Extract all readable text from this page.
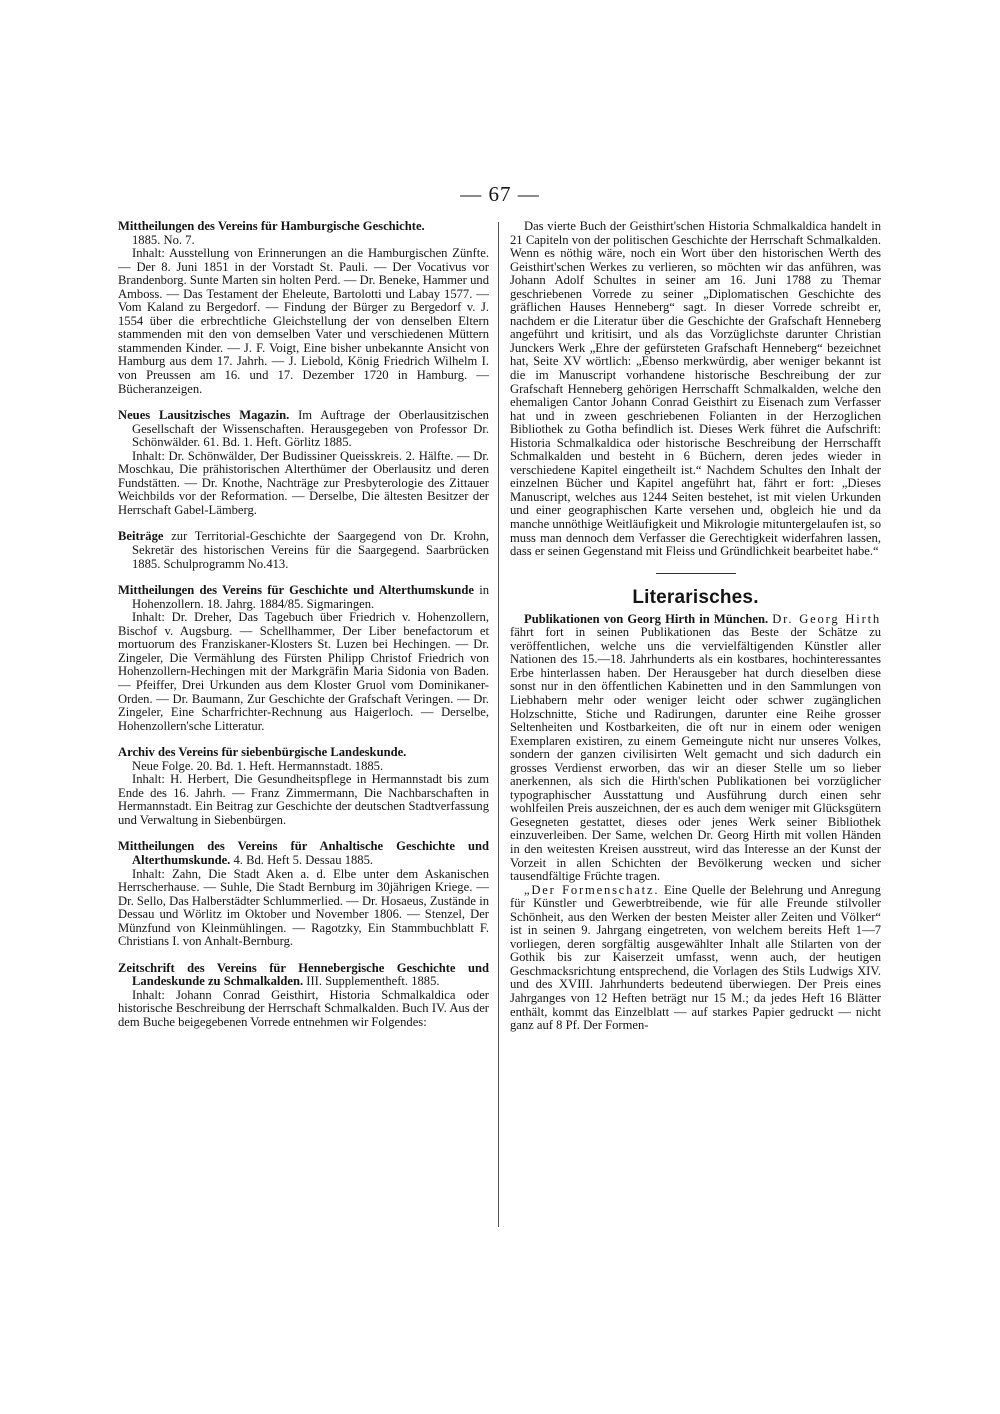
— 67 —

Mittheilungen des Vereins für Hamburgische Geschichte.

1885. No. 7.

Inhalt: Ausstellung von Erinnerungen an die Hamburgischen Zünfte. — Der 8. Juni 1851 in der Vorstadt St. Pauli. — Der Vocativus vor Brandenborg. Sunte Marten sin holten Perd. — Dr. Beneke, Hammer und Amboss. — Das Testament der Eheleute, Bartolotti und Labay 1577. — Vom Kaland zu Bergedorf. — Findung der Bürger zu Bergedorf v. J. 1554 über die erbrechtliche Gleichstellung der von denselben Eltern stammenden mit den von demselben Vater und verschiedenen Müttern stammenden Kinder. — J. F. Voigt, Eine bisher unbekannte Ansicht von Hamburg aus dem 17. Jahrh. — J. Liebold, König Friedrich Wilhelm I. von Preussen am 16. und 17. Dezember 1720 in Hamburg. — Bücheranzeigen.

Neues Lausitzisches Magazin. Im Auftrage der Oberlausitzischen Gesellschaft der Wissenschaften. Herausgegeben von Professor Dr. Schönwälder. 61. Bd. 1. Heft. Görlitz 1885.

Inhalt: Dr. Schönwälder, Der Budissiner Queisskreis. 2. Hälfte. — Dr. Moschkau, Die prähistorischen Alterthümer der Oberlausitz und deren Fundstätten. — Dr. Knothe, Nachträge zur Presbyterologie des Zittauer Weichbilds vor der Reformation. — Derselbe, Die ältesten Besitzer der Herrschaft Gabel-Lämberg.

Beiträge zur Territorial-Geschichte der Saargegend von Dr. Krohn, Sekretär des historischen Vereins für die Saargegend. Saarbrücken 1885. Schulprogramm No.413.

Mittheilungen des Vereins für Geschichte und Alterthumskunde in Hohenzollern. 18. Jahrg. 1884/85. Sigmaringen.

Inhalt: Dr. Dreher, Das Tagebuch über Friedrich v. Hohenzollern, Bischof v. Augsburg. — Schellhammer, Der Liber benefactorum et mortuorum des Franziskaner-Klosters St. Luzen bei Hechingen. — Dr. Zingeler, Die Vermählung des Fürsten Philipp Christof Friedrich von Hohenzollern-Hechingen mit der Markgräfin Maria Sidonia von Baden. — Pfeiffer, Drei Urkunden aus dem Kloster Gruol vom Dominikaner-Orden. — Dr. Baumann, Zur Geschichte der Grafschaft Veringen. — Dr. Zingeler, Eine Scharfrichter-Rechnung aus Haigerloch. — Derselbe, Hohenzollern'sche Litteratur.

Archiv des Vereins für siebenbürgische Landeskunde.

Neue Folge. 20. Bd. 1. Heft. Hermannstadt. 1885.

Inhalt: H. Herbert, Die Gesundheitspflege in Hermannstadt bis zum Ende des 16. Jahrh. — Franz Zimmermann, Die Nachbarschaften in Hermannstadt. Ein Beitrag zur Geschichte der deutschen Stadtverfassung und Verwaltung in Siebenbürgen.

Mittheilungen des Vereins für Anhaltische Geschichte und Alterthumskunde. 4. Bd. Heft 5. Dessau 1885.

Inhalt: Zahn, Die Stadt Aken a. d. Elbe unter dem Askanischen Herrscherhause. — Suhle, Die Stadt Bernburg im 30jährigen Kriege. — Dr. Sello, Das Halberstädter Schlummerlied. — Dr. Hosaeus, Zustände in Dessau und Wörlitz im Oktober und November 1806. — Stenzel, Der Münzfund von Kleinmühlingen. — Ragotzky, Ein Stammbuchblatt F. Christians I. von Anhalt-Bernburg.

Zeitschrift des Vereins für Hennebergische Geschichte und Landeskunde zu Schmalkalden. III. Supplementheft. 1885.

Inhalt: Johann Conrad Geisthirt, Historia Schmalkaldica oder historische Beschreibung der Herrschaft Schmalkalden. Buch IV. Aus der dem Buche beigegebenen Vorrede entnehmen wir Folgendes:

Das vierte Buch der Geisthirt'schen Historia Schmalkaldica handelt in 21 Capiteln von der politischen Geschichte der Herrschaft Schmalkalden. Wenn es nöthig wäre, noch ein Wort über den historischen Werth des Geisthirt'schen Werkes zu verlieren, so möchten wir das anführen, was Johann Adolf Schultes in seiner am 16. Juni 1788 zu Themar geschriebenen Vorrede zu seiner „Diplomatischen Geschichte des gräflichen Hauses Henneberg“ sagt. In dieser Vorrede schreibt er, nachdem er die Literatur über die Geschichte der Grafschaft Henneberg angeführt und kritisirt, und als das Vorzüglichste darunter Christian Junckers Werk „Ehre der gefürsteten Grafschaft Henneberg“ bezeichnet hat, Seite XV wörtlich: „Ebenso merkwürdig, aber weniger bekannt ist die im Manuscript vorhandene historische Beschreibung der zur Grafschaft Henneberg gehörigen Herrschafft Schmalkalden, welche den ehemaligen Cantor Johann Conrad Geisthirt zu Eisenach zum Verfasser hat und in zween geschriebenen Folianten in der Herzoglichen Bibliothek zu Gotha befindlich ist. Dieses Werk führet die Aufschrift: Historia Schmalkaldica oder historische Beschreibung der Herrschafft Schmalkalden und besteht in 6 Büchern, deren jedes wieder in verschiedene Kapitel eingetheilt ist.“ Nachdem Schultes den Inhalt der einzelnen Bücher und Kapitel angeführt hat, fährt er fort: „Dieses Manuscript, welches aus 1244 Seiten bestehet, ist mit vielen Urkunden und einer geographischen Karte versehen und, obgleich hie und da manche unnöthige Weitläufigkeit und Mikrologie mituntergelaufen ist, so muss man dennoch dem Verfasser die Gerechtigkeit widerfahren lassen, dass er seinen Gegenstand mit Fleiss und Gründlichkeit bearbeitet habe.“

Literarisches.

Publikationen von Georg Hirth in München. Dr. Georg Hirth fährt fort in seinen Publikationen das Beste der Schätze zu veröffentlichen, welche uns die vervielfältigenden Künstler aller Nationen des 15.—18. Jahrhunderts als ein kostbares, hochinteressantes Erbe hinterlassen haben. Der Herausgeber hat durch dieselben diese sonst nur in den öffentlichen Kabinetten und in den Sammlungen von Liebhabern mehr oder weniger leicht oder schwer zugänglichen Holzschnitte, Stiche und Radirungen, darunter eine Reihe grosser Seltenheiten und Kostbarkeiten, die oft nur in einem oder wenigen Exemplaren existiren, zu einem Gemeingute nicht nur unseres Volkes, sondern der ganzen civilisirten Welt gemacht und sich dadurch ein grosses Verdienst erworben, das wir an dieser Stelle um so lieber anerkennen, als sich die Hirth'schen Publikationen bei vorzüglicher typographischer Ausstattung und Ausführung durch einen sehr wohlfeilen Preis auszeichnen, der es auch dem weniger mit Glücksgütern Gesegneten gestattet, dieses oder jenes Werk seiner Bibliothek einzuverleiben. Der Same, welchen Dr. Georg Hirth mit vollen Händen in den weitesten Kreisen ausstreut, wird das Interesse an der Kunst der Vorzeit in allen Schichten der Bevölkerung wecken und sicher tausendfältige Früchte tragen.

„Der Formenschatz. Eine Quelle der Belehrung und Anregung für Künstler und Gewerbtreibende, wie für alle Freunde stilvoller Schönheit, aus den Werken der besten Meister aller Zeiten und Völker“ ist in seinen 9. Jahrgang eingetreten, von welchem bereits Heft 1—7 vorliegen, deren sorgfältig ausgewählter Inhalt alle Stilarten von der Gothik bis zur Kaiserzeit umfasst, wenn auch, der heutigen Geschmacksrichtung entsprechend, die Vorlagen des Stils Ludwigs XIV. und des XVIII. Jahrhunderts bedeutend überwiegen. Der Preis eines Jahrganges von 12 Heften beträgt nur 15 M.; da jedes Heft 16 Blätter enthält, kommt das Einzelblatt — auf starkes Papier gedruckt — nicht ganz auf 8 Pf. Der Formen-
